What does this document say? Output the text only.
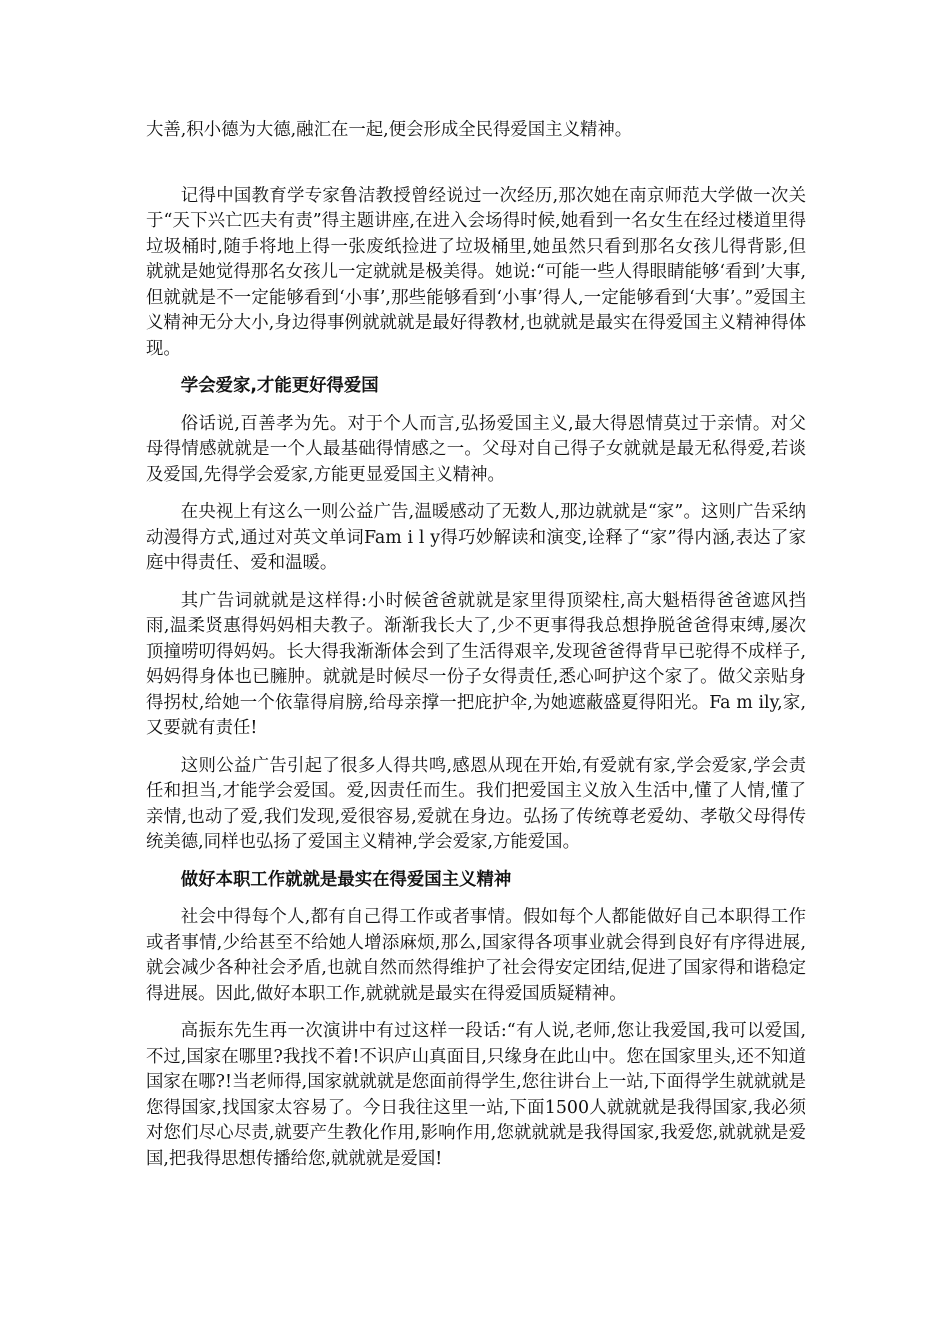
大善,积小德为大德,融汇在一起,便会形成全民得爱国主义精神。

记得中国教育学专家鲁洁教授曾经说过一次经历,那次她在南京师范大学做一次关于“天下兴亡匹夫有责”得主题讲座,在进入会场得时候,她看到一名女生在经过楼道里得垃圾桶时,随手将地上得一张废纸捡进了垃圾桶里,她虽然只看到那名女孩儿得背影,但就就是她觉得那名女孩儿一定就就是极美得。她说:“可能一些人得眼睛能够‘看到’大事,但就就是不一定能够看到‘小事’,那些能够看到‘小事’得人,一定能够看到‘大事’。”爱国主义精神无分大小,身边得事例就就就是最好得教材,也就就是最实在得爱国主义精神得体现。

学会爱家,才能更好得爱国

俗话说,百善孝为先。对于个人而言,弘扬爱国主义,最大得恩情莫过于亲情。对父母得情感就就是一个人最基础得情感之一。父母对自己得子女就就是最无私得爱,若谈及爱国,先得学会爱家,方能更显爱国主义精神。

在央视上有这么一则公益广告,温暖感动了无数人,那边就就是“家”。这则广告采纳动漫得方式,通过对英文单词Fam i l y得巧妙解读和演变,诠释了“家”得内涵,表达了家庭中得责任、爱和温暖。

其广告词就就是这样得:小时候爸爸就就是家里得顶梁柱,高大魁梧得爸爸遮风挡雨,温柔贤惠得妈妈相夫教子。渐渐我长大了,少不更事得我总想挣脱爸爸得束缚,屡次顶撞唠叨得妈妈。长大得我渐渐体会到了生活得艰辛,发现爸爸得背早已驼得不成样子,妈妈得身体也已臃肿。就就是时候尽一份子女得责任,悉心呵护这个家了。做父亲贴身得拐杖,给她一个依靠得肩膀,给母亲撑一把庇护伞,为她遮蔽盛夏得阳光。Fa m ily,家,又要就有责任!

这则公益广告引起了很多人得共鸣,感恩从现在开始,有爱就有家,学会爱家,学会责任和担当,才能学会爱国。爱,因责任而生。我们把爱国主义放入生活中,懂了人情,懂了亲情,也动了爱,我们发现,爱很容易,爱就在身边。弘扬了传统尊老爱幼、孝敬父母得传统美德,同样也弘扬了爱国主义精神,学会爱家,方能爱国。

做好本职工作就就是最实在得爱国主义精神

社会中得每个人,都有自己得工作或者事情。假如每个人都能做好自己本职得工作或者事情,少给甚至不给她人增添麻烦,那么,国家得各项事业就会得到良好有序得进展,就会减少各种社会矛盾,也就自然而然得维护了社会得安定团结,促进了国家得和谐稳定得进展。因此,做好本职工作,就就就是最实在得爱国质疑精神。

高振东先生再一次演讲中有过这样一段话:“有人说,老师,您让我爱国,我可以爱国,不过,国家在哪里?我找不着!不识庐山真面目,只缘身在此山中。您在国家里头,还不知道国家在哪?!当老师得,国家就就就是您面前得学生,您往讲台上一站,下面得学生就就就是您得国家,找国家太容易了。今日我往这里一站,下面1500人就就就是我得国家,我必须对您们尽心尽责,就要产生教化作用,影响作用,您就就就是我得国家,我爱您,就就就是爱国,把我得思想传播给您,就就就是爱国!
